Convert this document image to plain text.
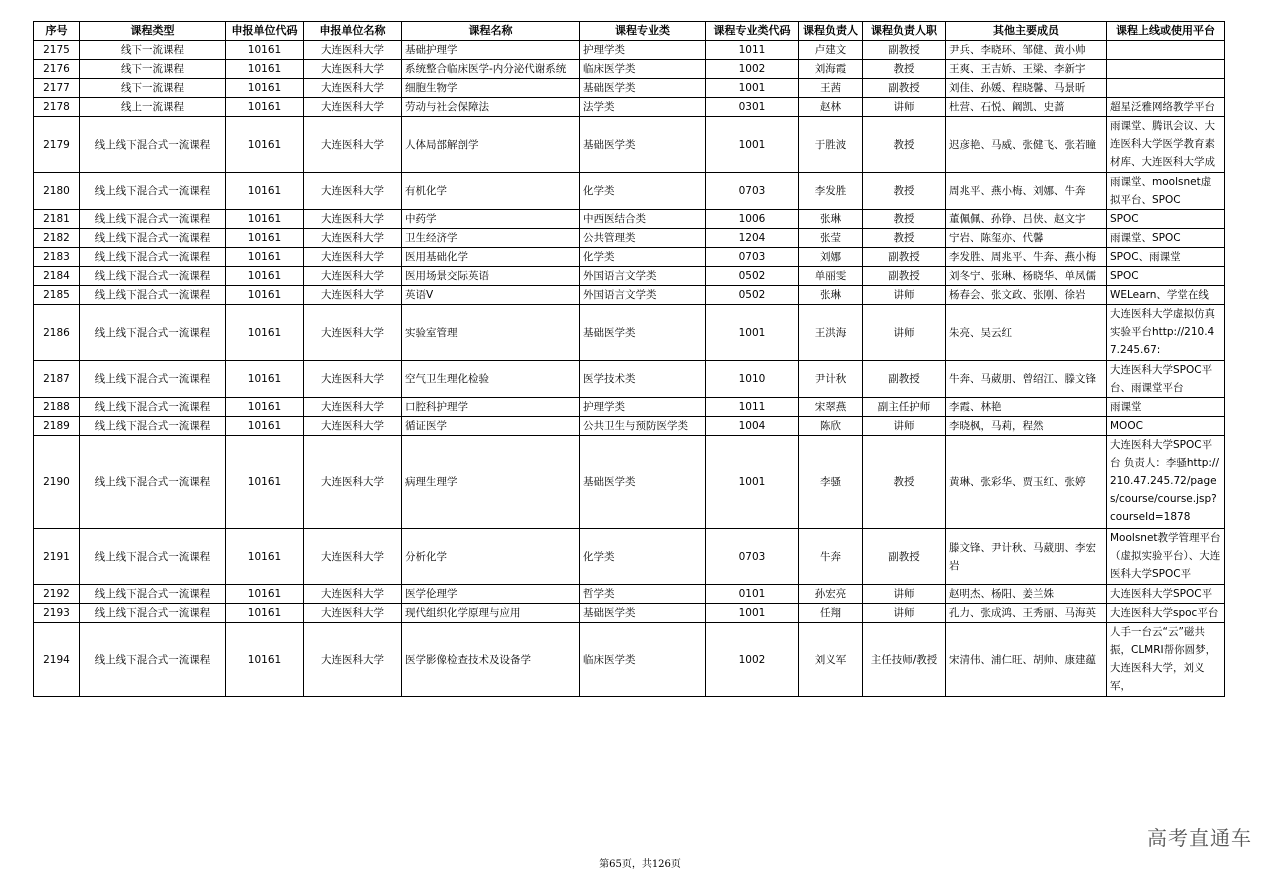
序号	课程类型	申报单位代码	申报单位名称	课程名称	课程专业类	课程专业类代码	课程负责人	课程负责人职	其他主要成员	课程上线或使用平台
2175	线下一流课程	10161	大连医科大学	基础护理学	护理学类	1011	卢建文	副教授	尹兵、李晓环、邹健、黄小帅	

2176	线下一流课程	10161	大连医科大学	系统整合临床医学-内分泌代谢系统	临床医学类	1002	刘海霞	教授	王爽、王吉娇、王梁、李新宇	

2177	线下一流课程	10161	大连医科大学	细胞生物学	基础医学类	1001	王茜	副教授	刘佳、孙媛、程晓馨、马景昕	

2178	线上一流课程	10161	大连医科大学	劳动与社会保障法	法学类	0301	赵林	讲师	杜营、石悦、阚凯、史蔷	超星泛雅网络教学平台

2179	线上线下混合式一流课程	10161	大连医科大学	人体局部解剖学	基础医学类	1001	于胜波	教授	迟彦艳、马威、张健飞、张若瞳	雨课堂、腾讯会议、大连医科大学医学教育素材库、大连医科大学成

2180	线上线下混合式一流课程	10161	大连医科大学	有机化学	化学类	0703	李发胜	教授	周兆平、燕小梅、刘娜、牛奔	雨课堂、moolsnet虚拟平台、SPOC

2181	线上线下混合式一流课程	10161	大连医科大学	中药学	中西医结合类	1006	张琳	教授	董佩佩、孙铮、吕侠、赵文宇	SPOC

2182	线上线下混合式一流课程	10161	大连医科大学	卫生经济学	公共管理类	1204	张莹	教授	宁岩、陈玺亦、代馨	雨课堂、SPOC

2183	线上线下混合式一流课程	10161	大连医科大学	医用基础化学	化学类	0703	刘娜	副教授	李发胜、周兆平、牛奔、燕小梅	SPOC、雨课堂

2184	线上线下混合式一流课程	10161	大连医科大学	医用场景交际英语	外国语言文学类	0502	单丽雯	副教授	刘冬宁、张琳、杨晓华、单凤儒	SPOC

2185	线上线下混合式一流课程	10161	大连医科大学	英语V	外国语言文学类	0502	张琳	讲师	杨春会、张文政、张刚、徐岩	WELearn、学堂在线

2186	线上线下混合式一流课程	10161	大连医科大学	实验室管理	基础医学类	1001	王洪海	讲师	朱亮、吴云红	大连医科大学虚拟仿真实验平台http://210.47.245.67:

2187	线上线下混合式一流课程	10161	大连医科大学	空气卫生理化检验	医学技术类	1010	尹计秋	副教授	牛奔、马葳朋、曾绍江、滕文锋	大连医科大学SPOC平台、雨课堂平台

2188	线上线下混合式一流课程	10161	大连医科大学	口腔科护理学	护理学类	1011	宋翠燕	副主任护师	李霞、林艳	雨课堂

2189	线上线下混合式一流课程	10161	大连医科大学	循证医学	公共卫生与预防医学类	1004	陈欣	讲师	李晓枫，马莉，程然	MOOC

2190	线上线下混合式一流课程	10161	大连医科大学	病理生理学	基础医学类	1001	李骚	教授	黄琳、张彩华、贾玉红、张婷	大连医科大学SPOC平台 负责人：李骚http://210.47.245.72/pages/course/course.jsp?courseId=1878

2191	线上线下混合式一流课程	10161	大连医科大学	分析化学	化学类	0703	牛奔	副教授	滕文锋、尹计秋、马葳朋、李宏岩	Moolsnet教学管理平台（虚拟实验平台）、大连医科大学SPOC平

2192	线上线下混合式一流课程	10161	大连医科大学	医学伦理学	哲学类	0101	孙宏亮	讲师	赵明杰、杨阳、姜兰姝	大连医科大学SPOC平

2193	线上线下混合式一流课程	10161	大连医科大学	现代组织化学原理与应用	基础医学类	1001	任翔	讲师	孔力、张成鸿、王秀丽、马海英	大连医科大学spoc平台

2194	线上线下混合式一流课程	10161	大连医科大学	医学影像检查技术及设备学	临床医学类	1002	刘义军	主任技师/教授	宋清伟、浦仁旺、胡帅、康建蕴	人手一台云“云”磁共振，CLMRI帮你圆梦，大连医科大学，刘义军，
第65页，共126页
高考直通车
